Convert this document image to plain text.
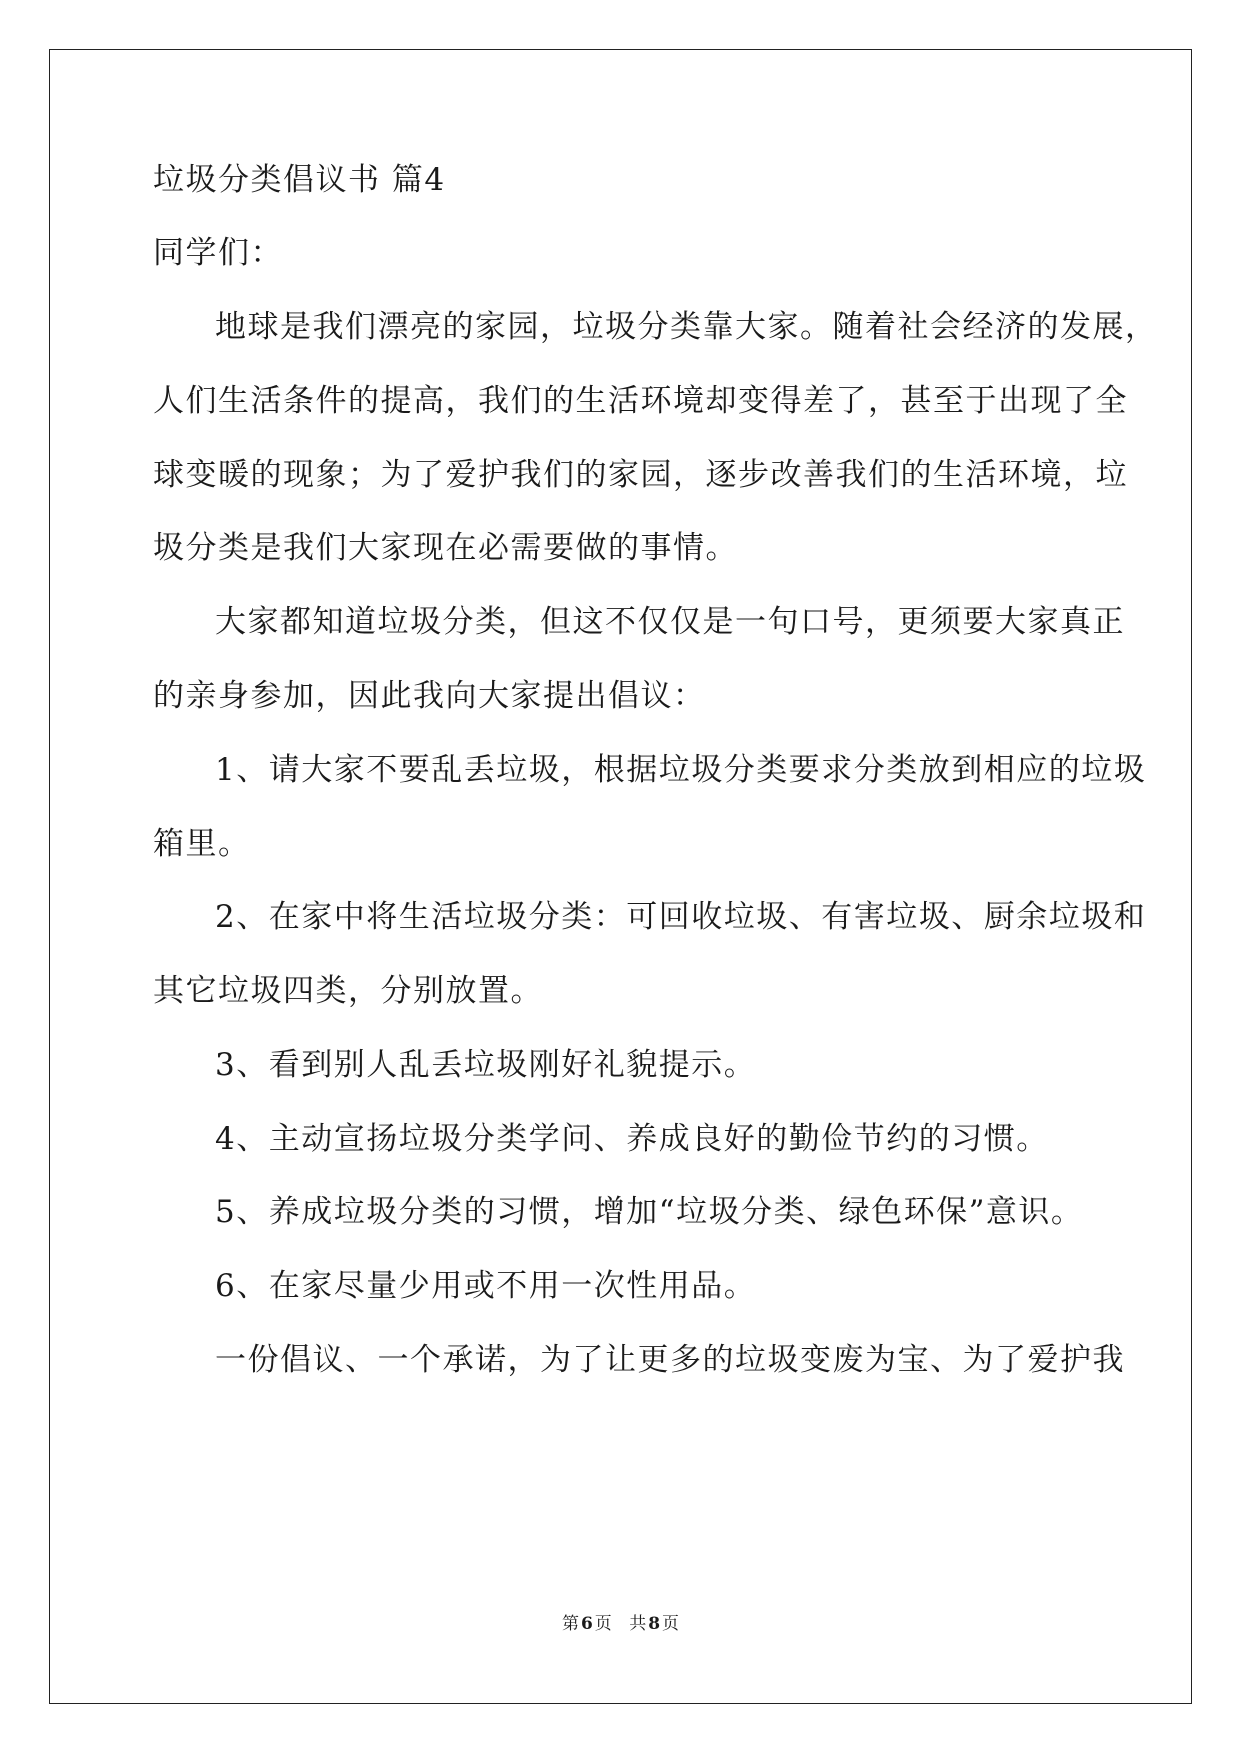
垃圾分类倡议书 篇4
同学们：
地球是我们漂亮的家园，垃圾分类靠大家。随着社会经济的发展，
人们生活条件的提高，我们的生活环境却变得差了，甚至于出现了全
球变暖的现象；为了爱护我们的家园，逐步改善我们的生活环境，垃
圾分类是我们大家现在必需要做的事情。
大家都知道垃圾分类，但这不仅仅是一句口号，更须要大家真正
的亲身参加，因此我向大家提出倡议：
1、请大家不要乱丢垃圾，根据垃圾分类要求分类放到相应的垃圾
箱里。
2、在家中将生活垃圾分类：可回收垃圾、有害垃圾、厨余垃圾和
其它垃圾四类，分别放置。
3、看到别人乱丢垃圾刚好礼貌提示。
4、主动宣扬垃圾分类学问、养成良好的勤俭节约的习惯。
5、养成垃圾分类的习惯，增加“垃圾分类、绿色环保”意识。
6、在家尽量少用或不用一次性用品。
一份倡议、一个承诺，为了让更多的垃圾变废为宝、为了爱护我
第 6 页 共 8 页
